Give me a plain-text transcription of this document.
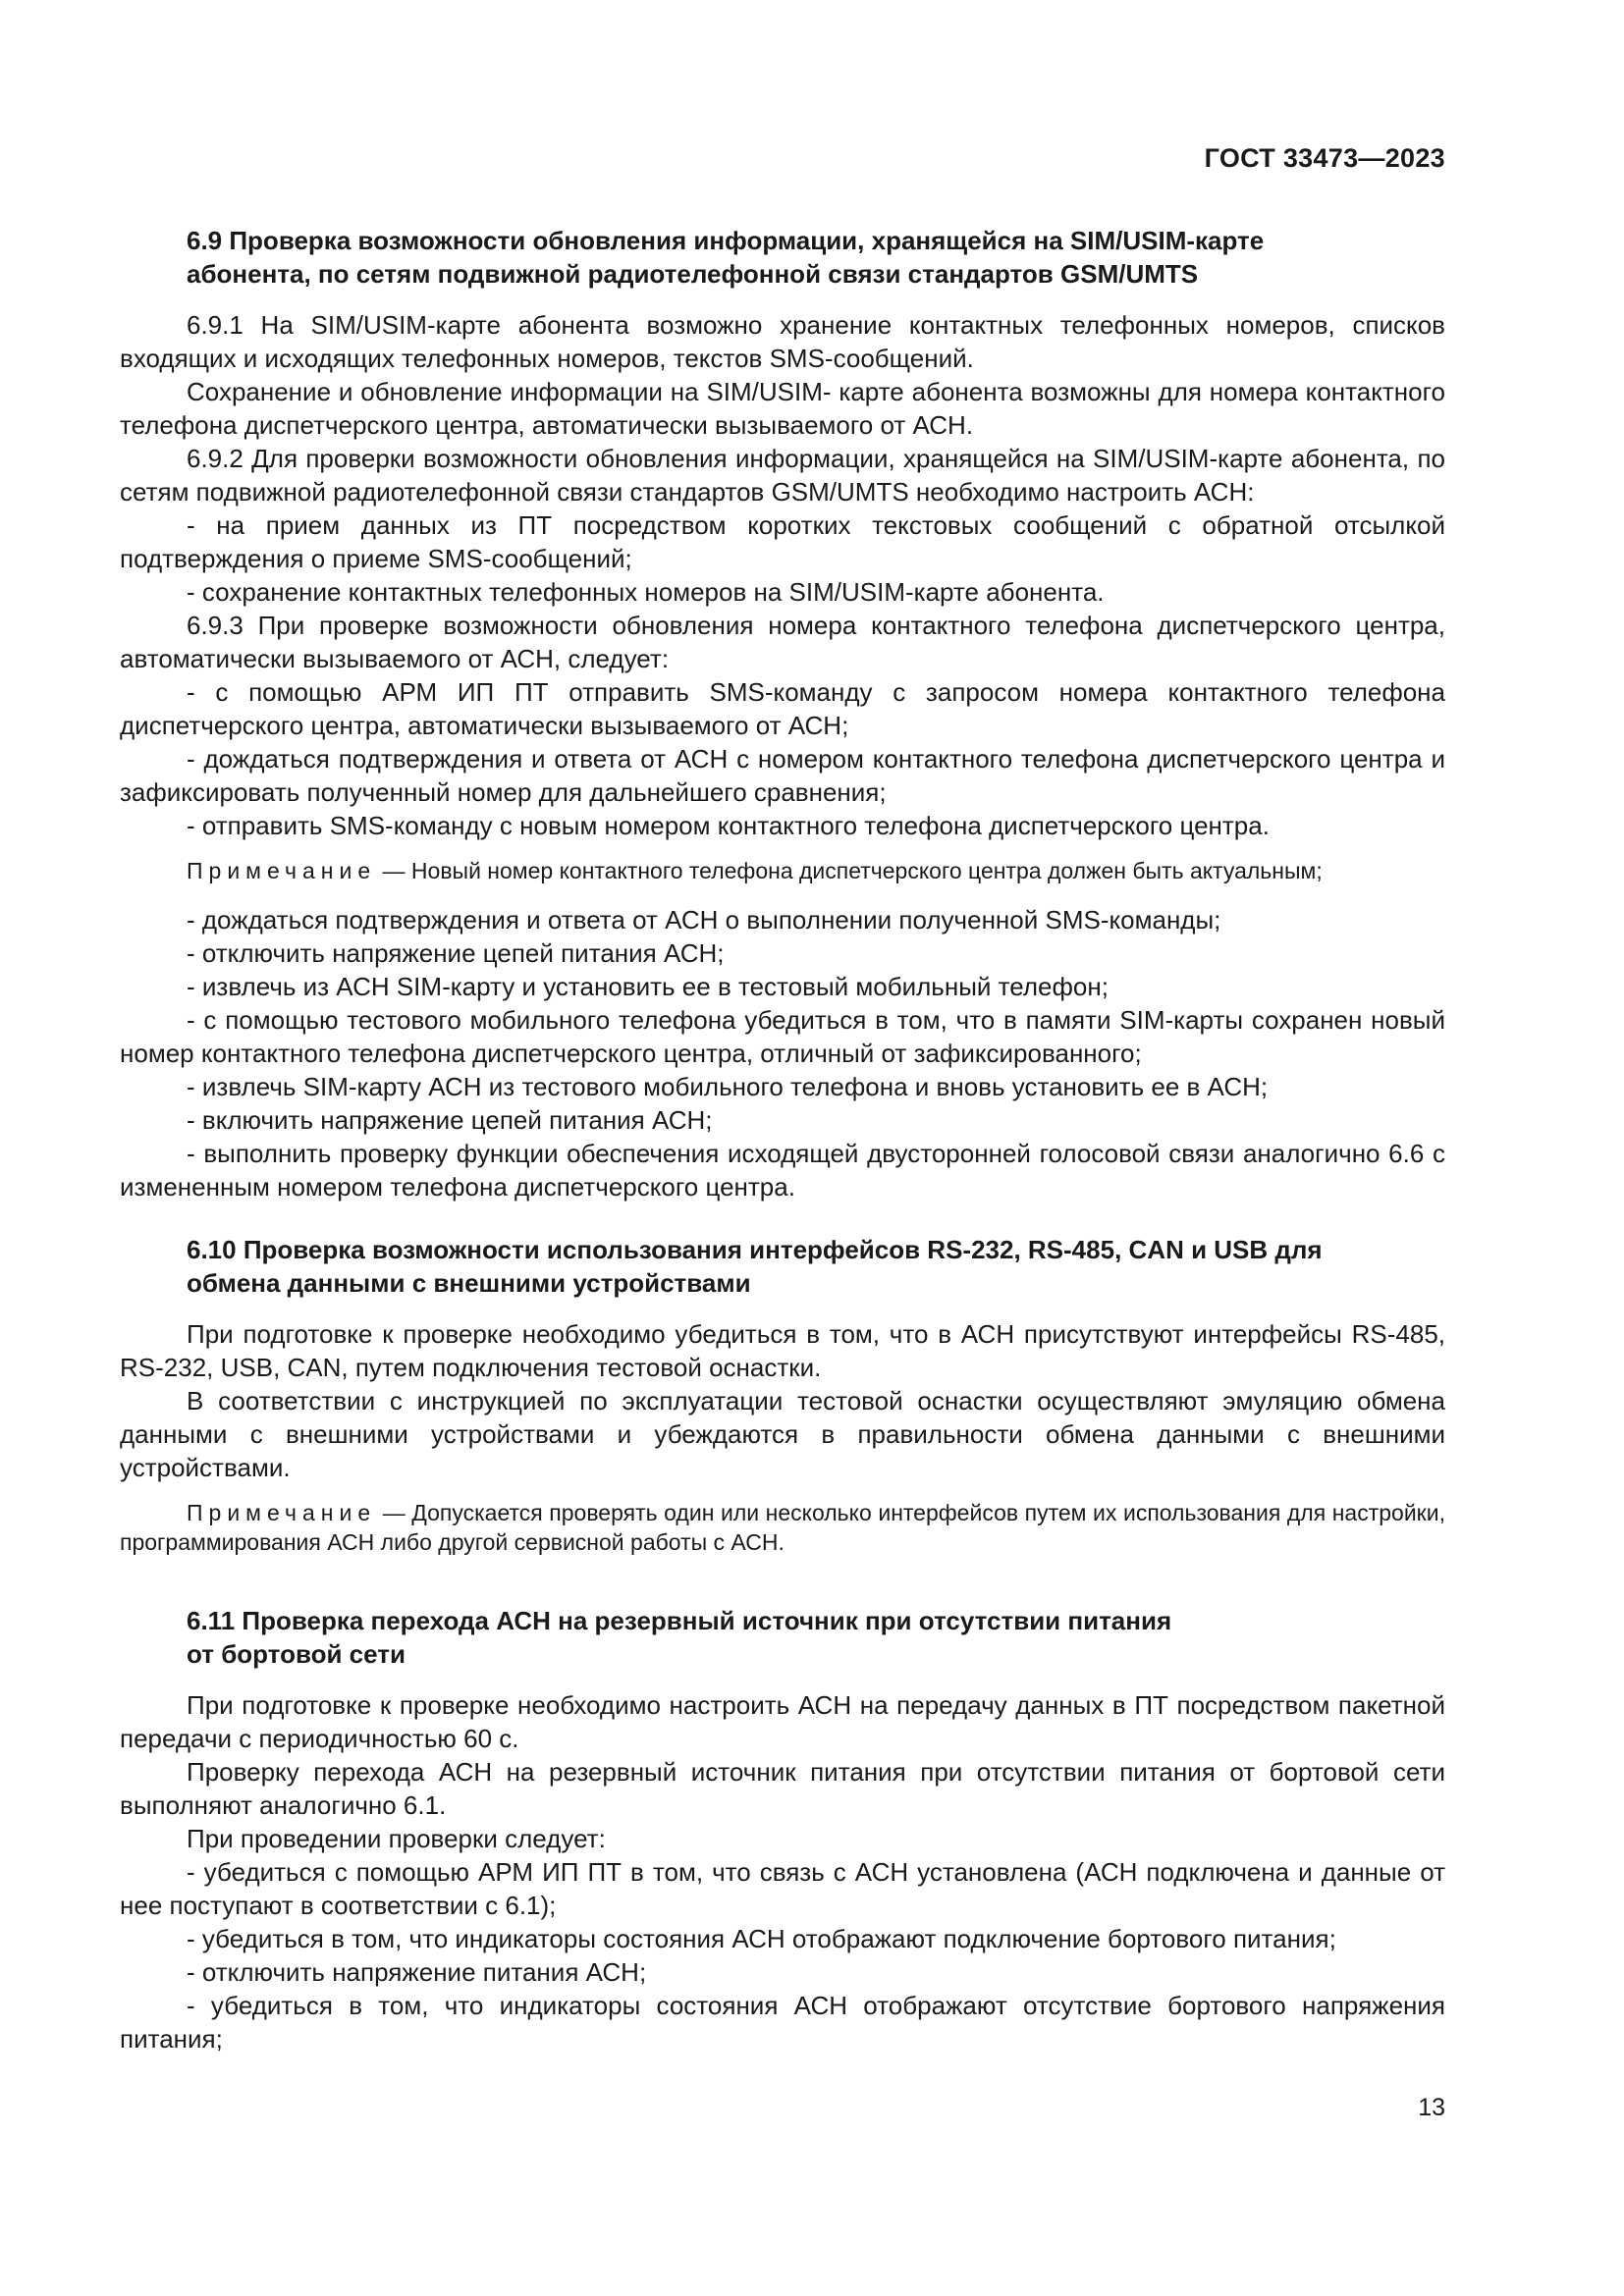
ГОСТ 33473—2023
6.9 Проверка возможности обновления информации, хранящейся на SIM/USIM-карте
абонента, по сетям подвижной радиотелефонной связи стандартов GSM/UMTS

6.9.1 На SIM/USIM-карте абонента возможно хранение контактных телефонных номеров, списков входящих и исходящих телефонных номеров, текстов SMS-сообщений.

Сохранение и обновление информации на SIM/USIM- карте абонента возможны для номера контактного телефона диспетчерского центра, автоматически вызываемого от АСН.

6.9.2 Для проверки возможности обновления информации, хранящейся на SIM/USIM-карте абонента, по сетям подвижной радиотелефонной связи стандартов GSM/UMTS необходимо настроить АСН:

- на прием данных из ПТ посредством коротких текстовых сообщений с обратной отсылкой подтверждения о приеме SMS-сообщений;

- сохранение контактных телефонных номеров на SIM/USIM-карте абонента.

6.9.3 При проверке возможности обновления номера контактного телефона диспетчерского центра, автоматически вызываемого от АСН, следует:

- с помощью АРМ ИП ПТ отправить SMS-команду с запросом номера контактного телефона диспетчерского центра, автоматически вызываемого от АСН;

- дождаться подтверждения и ответа от АСН с номером контактного телефона диспетчерского центра и зафиксировать полученный номер для дальнейшего сравнения;

- отправить SMS-команду с новым номером контактного телефона диспетчерского центра.

Примечание — Новый номер контактного телефона диспетчерского центра должен быть актуальным;

- дождаться подтверждения и ответа от АСН о выполнении полученной SMS-команды;

- отключить напряжение цепей питания АСН;

- извлечь из АСН SIM-карту и установить ее в тестовый мобильный телефон;

- с помощью тестового мобильного телефона убедиться в том, что в памяти SIM-карты сохранен новый номер контактного телефона диспетчерского центра, отличный от зафиксированного;

- извлечь SIM-карту АСН из тестового мобильного телефона и вновь установить ее в АСН;

- включить напряжение цепей питания АСН;

- выполнить проверку функции обеспечения исходящей двусторонней голосовой связи аналогично 6.6 с измененным номером телефона диспетчерского центра.

6.10 Проверка возможности использования интерфейсов RS-232, RS-485, CAN и USB для
обмена данными с внешними устройствами

При подготовке к проверке необходимо убедиться в том, что в АСН присутствуют интерфейсы RS-485, RS-232, USB, CAN, путем подключения тестовой оснастки.

В соответствии с инструкцией по эксплуатации тестовой оснастки осуществляют эмуляцию обмена данными с внешними устройствами и убеждаются в правильности обмена данными с внешними устройствами.

Примечание — Допускается проверять один или несколько интерфейсов путем их использования для настройки, программирования АСН либо другой сервисной работы с АСН.

6.11 Проверка перехода АСН на резервный источник при отсутствии питания
от бортовой сети

При подготовке к проверке необходимо настроить АСН на передачу данных в ПТ посредством пакетной передачи с периодичностью 60 с.

Проверку перехода АСН на резервный источник питания при отсутствии питания от бортовой сети выполняют аналогично 6.1.

При проведении проверки следует:

- убедиться с помощью АРМ ИП ПТ в том, что связь с АСН установлена (АСН подключена и данные от нее поступают в соответствии с 6.1);

- убедиться в том, что индикаторы состояния АСН отображают подключение бортового питания;

- отключить напряжение питания АСН;

- убедиться в том, что индикаторы состояния АСН отображают отсутствие бортового напряжения питания;

13
